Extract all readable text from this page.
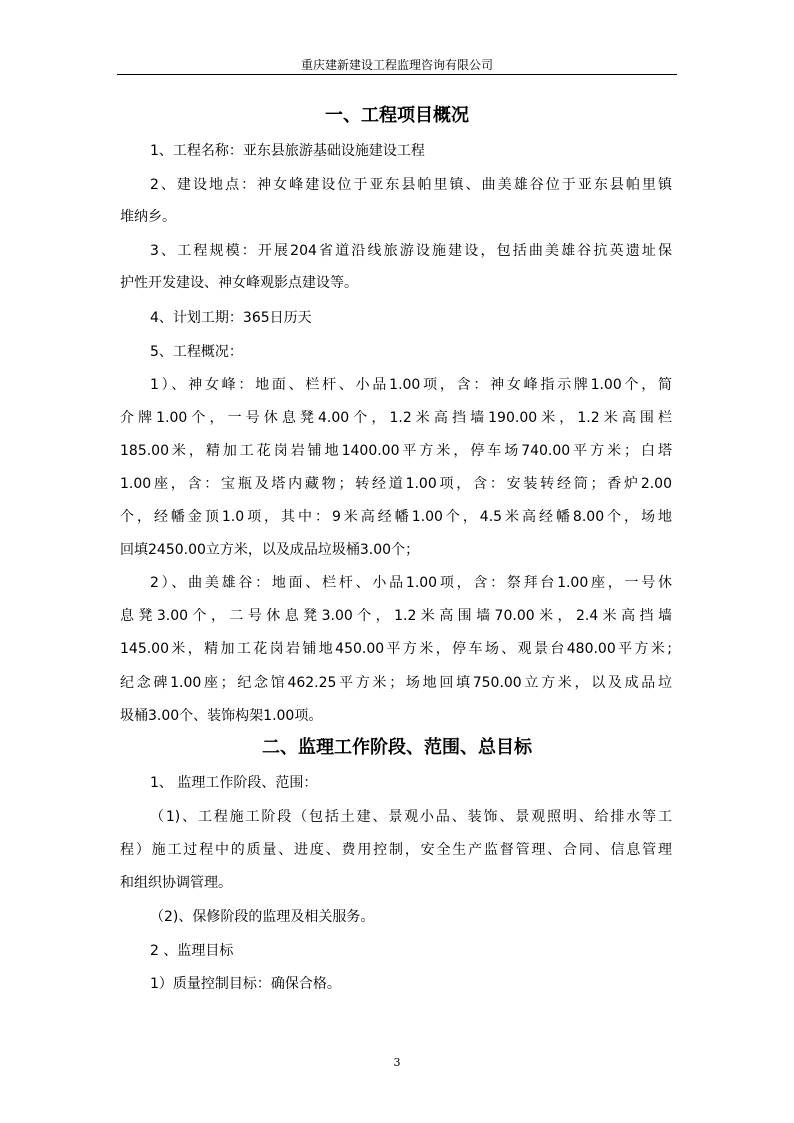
重庆建新建设工程监理咨询有限公司
一、工程项目概况
1、工程名称：亚东县旅游基础设施建设工程
2、建设地点：神女峰建设位于亚东县帕里镇、曲美雄谷位于亚东县帕里镇
堆纳乡。
3、工程规模：开展204省道沿线旅游设施建设，包括曲美雄谷抗英遗址保
护性开发建设、神女峰观影点建设等。
4、计划工期：365日历天
5、工程概况：
1）、神女峰：地面、栏杆、小品1.00项，含：神女峰指示牌1.00个，简
介牌1.00个，一号休息凳4.00个，1.2米高挡墙190.00米，1.2米高围栏
185.00米，精加工花岗岩铺地1400.00平方米，停车场740.00平方米；白塔
1.00座，含：宝瓶及塔内藏物；转经道1.00项，含：安装转经筒；香炉2.00
个，经幡金顶1.0项，其中：9米高经幡1.00个，4.5米高经幡8.00个，场地
回填2450.00立方米，以及成品垃圾桶3.00个；
2）、曲美雄谷：地面、栏杆、小品1.00项，含：祭拜台1.00座，一号休
息凳3.00个，二号休息凳3.00个，1.2米高围墙70.00米，2.4米高挡墙
145.00米，精加工花岗岩铺地450.00平方米，停车场、观景台480.00平方米;
纪念碑1.00座；纪念馆462.25平方米；场地回填750.00立方米，以及成品垃
圾桶3.00个、装饰构架1.00项。
二、监理工作阶段、范围、总目标
1、 监理工作阶段、范围：
（1)、工程施工阶段（包括土建、景观小品、装饰、景观照明、给排水等工
程）施工过程中的质量、进度、费用控制，安全生产监督管理、合同、信息管理
和组织协调管理。
（2)、保修阶段的监理及相关服务。
2 、监理目标
1）质量控制目标：确保合格。
3
